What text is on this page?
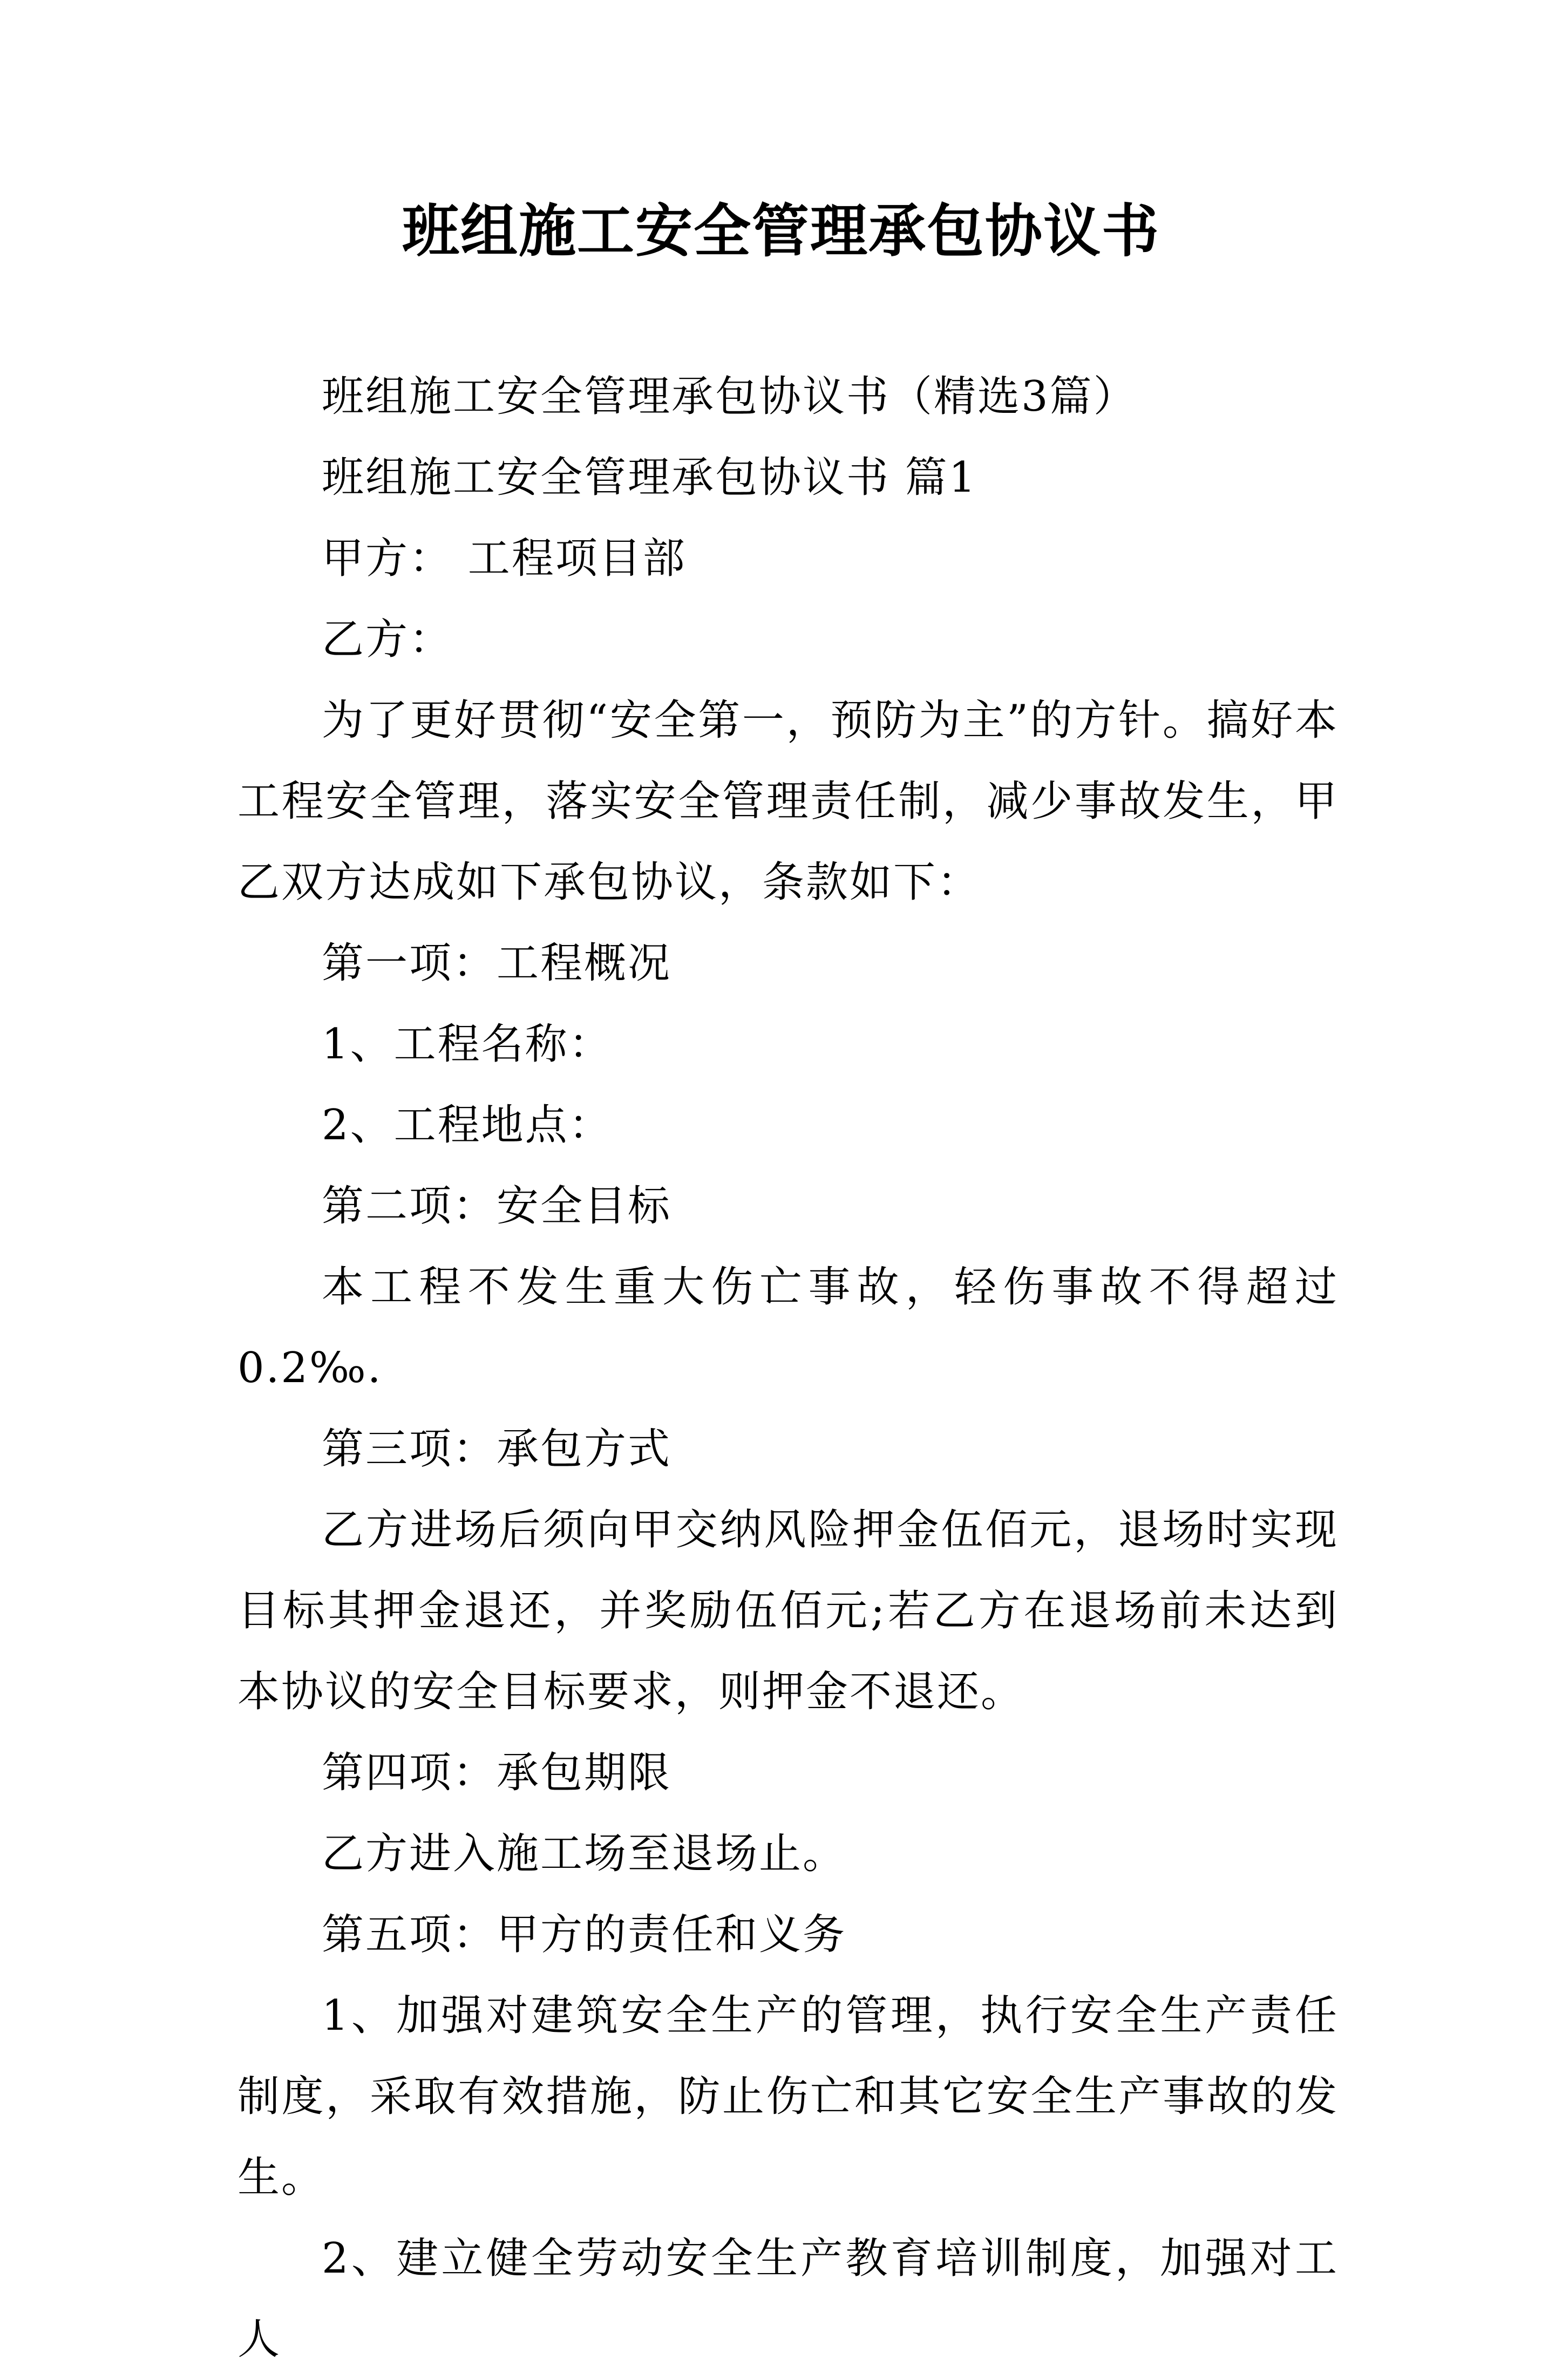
班组施工安全管理承包协议书

班组施工安全管理承包协议书（精选3篇）

班组施工安全管理承包协议书 篇1

甲方： 工程项目部

乙方：

为了更好贯彻“安全第一，预防为主”的方针。搞好本工程安全管理，落实安全管理责任制，减少事故发生，甲乙双方达成如下承包协议，条款如下：

第一项：工程概况

1、工程名称：

2、工程地点：

第二项：安全目标

本工程不发生重大伤亡事故，轻伤事故不得超过0.2‰.

第三项：承包方式

乙方进场后须向甲交纳风险押金伍佰元，退场时实现目标其押金退还，并奖励伍佰元;若乙方在退场前未达到本协议的安全目标要求，则押金不退还。

第四项：承包期限

乙方进入施工场至退场止。

第五项：甲方的责任和义务

1、加强对建筑安全生产的管理，执行安全生产责任制度，采取有效措施，防止伤亡和其它安全生产事故的发生。

2、建立健全劳动安全生产教育培训制度，加强对工人
